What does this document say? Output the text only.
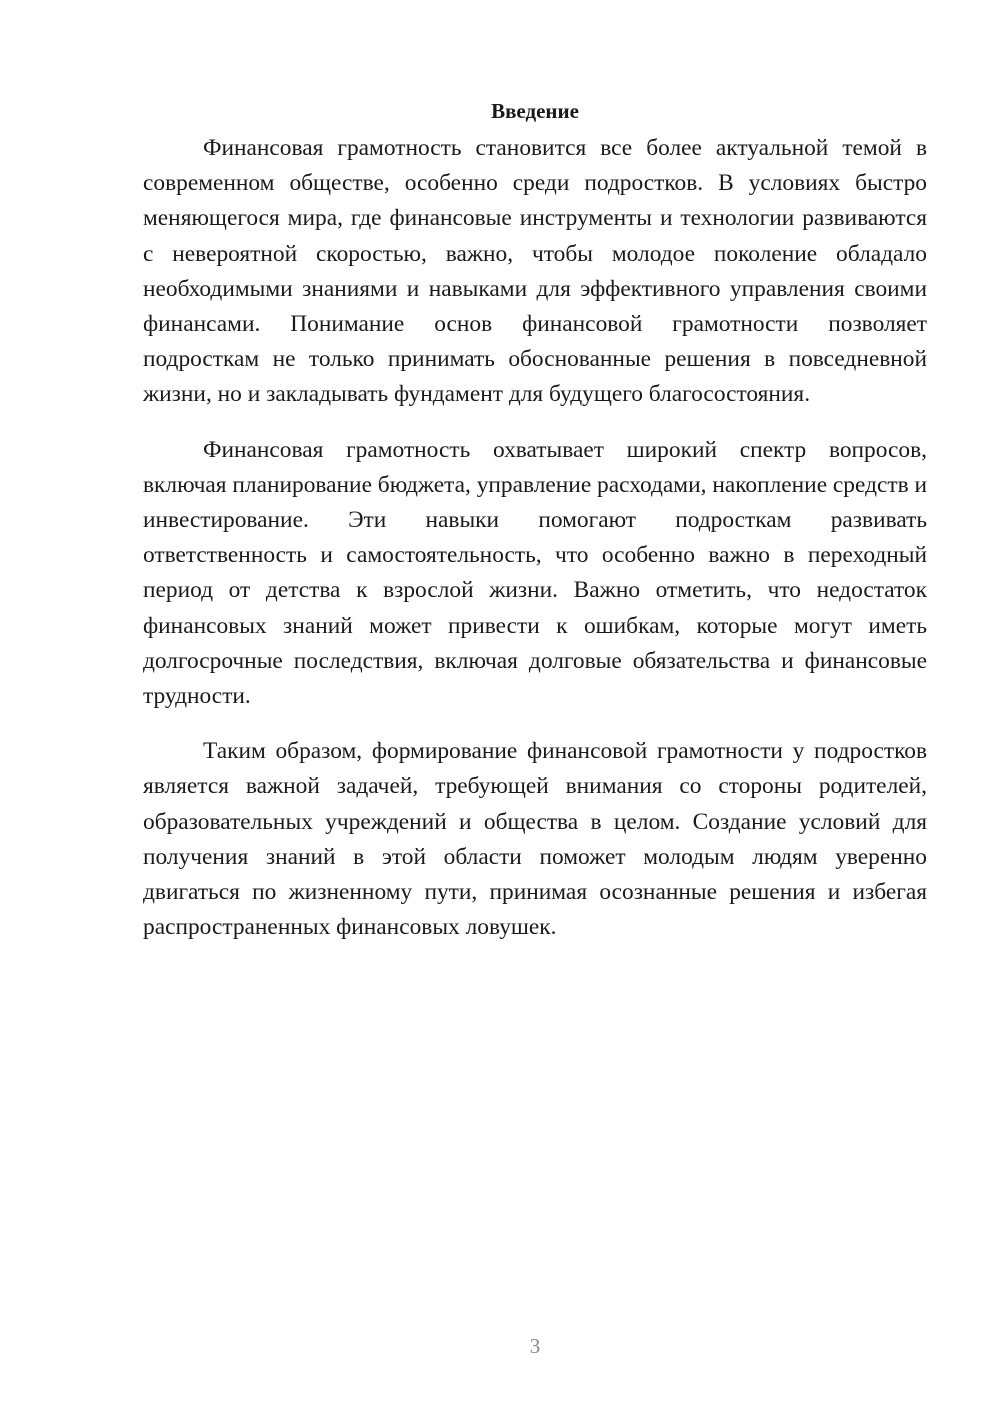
Введение

Финансовая грамотность становится все более актуальной темой в современном обществе, особенно среди подростков. В условиях быстро меняющегося мира, где финансовые инструменты и технологии развиваются с невероятной скоростью, важно, чтобы молодое поколение обладало необходимыми знаниями и навыками для эффективного управления своими финансами. Понимание основ финансовой грамотности позволяет подросткам не только принимать обоснованные решения в повседневной жизни, но и закладывать фундамент для будущего благосостояния.

Финансовая грамотность охватывает широкий спектр вопросов, включая планирование бюджета, управление расходами, накопление средств и инвестирование. Эти навыки помогают подросткам развивать ответственность и самостоятельность, что особенно важно в переходный период от детства к взрослой жизни. Важно отметить, что недостаток финансовых знаний может привести к ошибкам, которые могут иметь долгосрочные последствия, включая долговые обязательства и финансовые трудности.

Таким образом, формирование финансовой грамотности у подростков является важной задачей, требующей внимания со стороны родителей, образовательных учреждений и общества в целом. Создание условий для получения знаний в этой области поможет молодым людям уверенно двигаться по жизненному пути, принимая осознанные решения и избегая распространенных финансовых ловушек.

3
